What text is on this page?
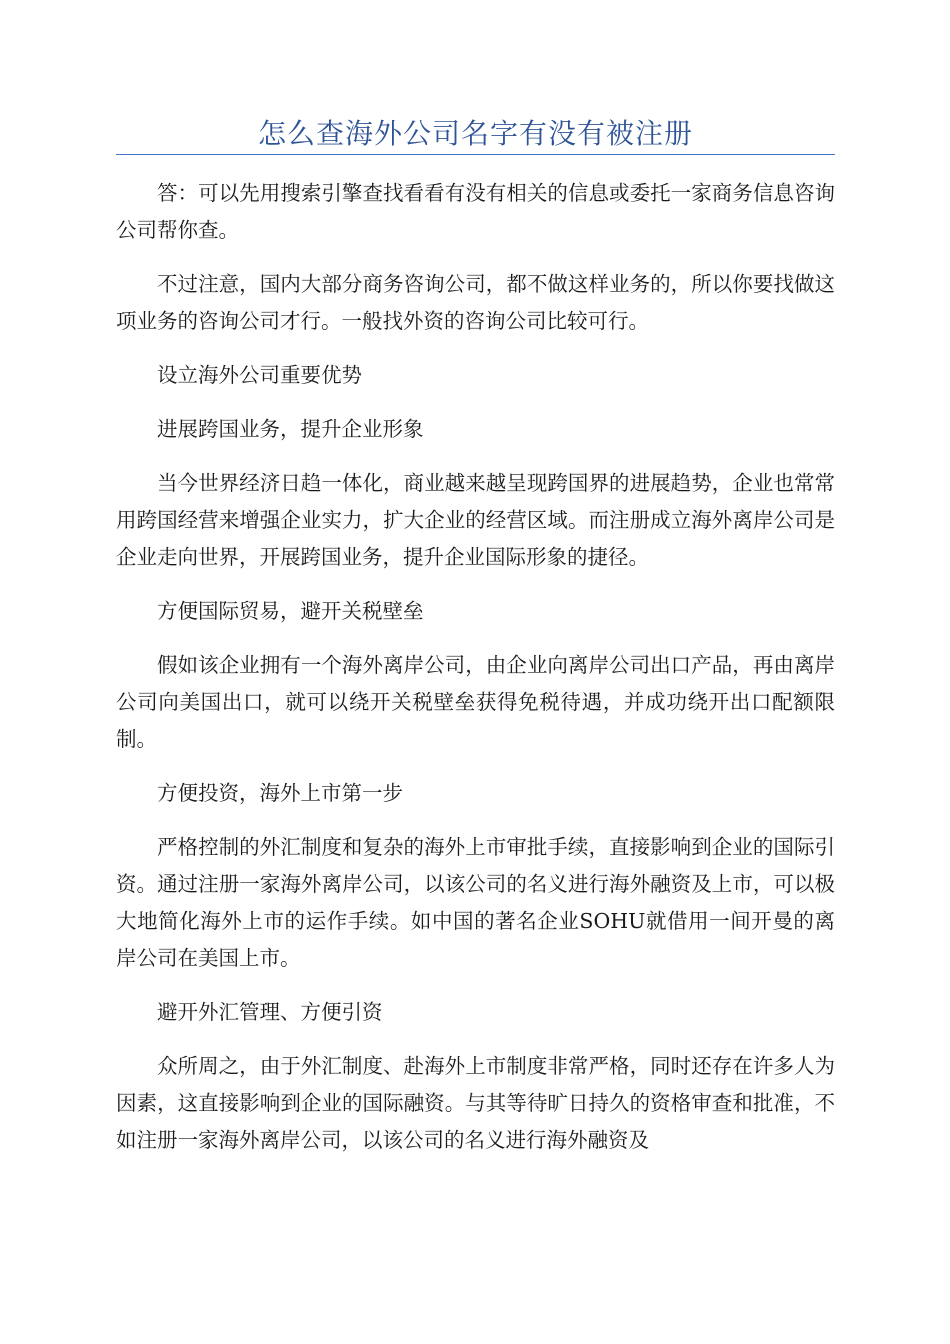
怎么查海外公司名字有没有被注册

答：可以先用搜索引擎查找看看有没有相关的信息或委托一家商务信息咨询公司帮你查。

不过注意，国内大部分商务咨询公司，都不做这样业务的，所以你要找做这项业务的咨询公司才行。一般找外资的咨询公司比较可行。

设立海外公司重要优势

进展跨国业务，提升企业形象

当今世界经济日趋一体化，商业越来越呈现跨国界的进展趋势，企业也常常用跨国经营来增强企业实力，扩大企业的经营区域。而注册成立海外离岸公司是企业走向世界，开展跨国业务，提升企业国际形象的捷径。

方便国际贸易，避开关税壁垒

假如该企业拥有一个海外离岸公司，由企业向离岸公司出口产品，再由离岸公司向美国出口，就可以绕开关税壁垒获得免税待遇，并成功绕开出口配额限制。

方便投资，海外上市第一步

严格控制的外汇制度和复杂的海外上市审批手续，直接影响到企业的国际引资。通过注册一家海外离岸公司，以该公司的名义进行海外融资及上市，可以极大地简化海外上市的运作手续。如中国的著名企业SOHU就借用一间开曼的离岸公司在美国上市。

避开外汇管理、方便引资

众所周之，由于外汇制度、赴海外上市制度非常严格，同时还存在许多人为因素，这直接影响到企业的国际融资。与其等待旷日持久的资格审查和批准，不如注册一家海外离岸公司，以该公司的名义进行海外融资及
